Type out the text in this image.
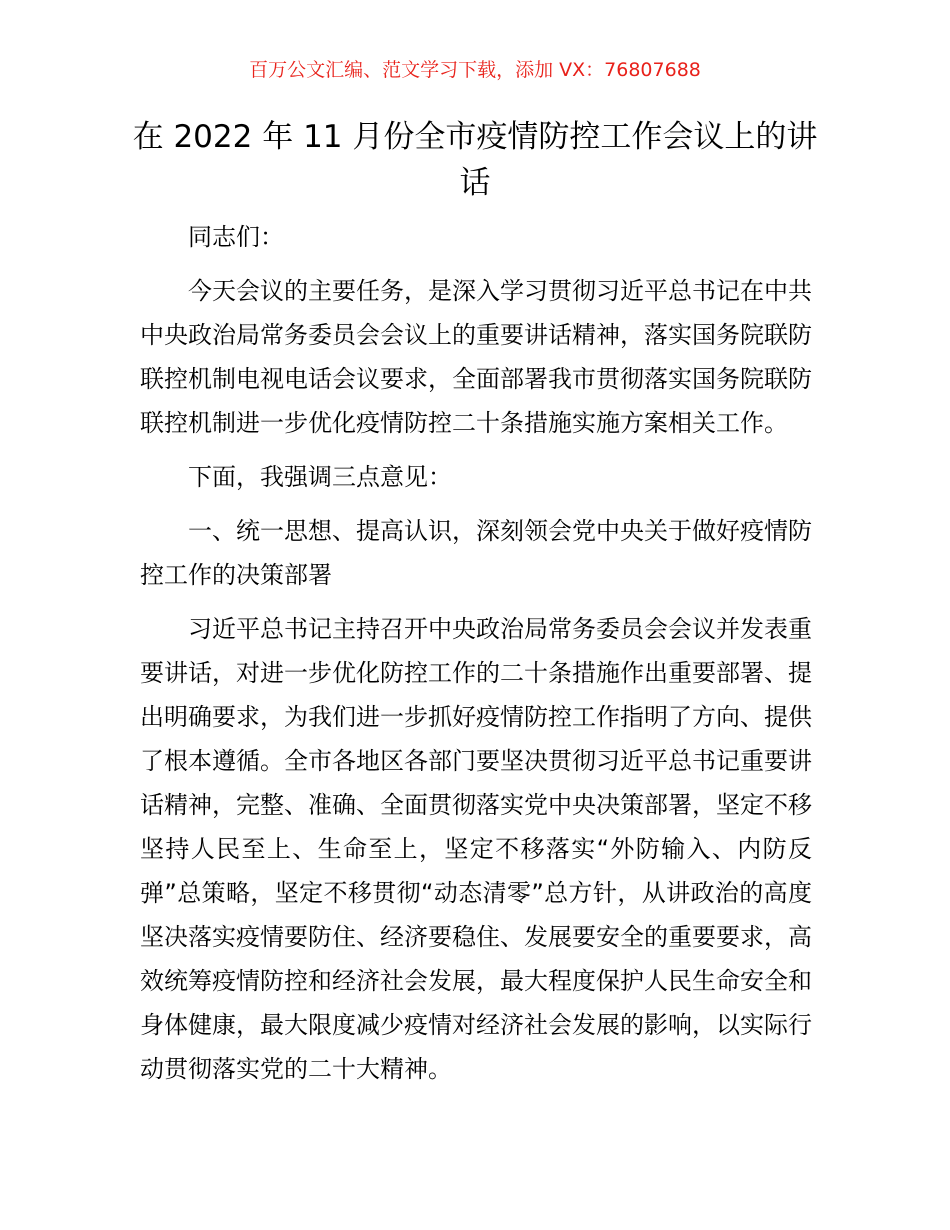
百万公文汇编、范文学习下载，添加 VX：76807688
在 2022 年 11 月份全市疫情防控工作会议上的讲话

同志们：

今天会议的主要任务，是深入学习贯彻习近平总书记在中共中央政治局常务委员会会议上的重要讲话精神，落实国务院联防联控机制电视电话会议要求，全面部署我市贯彻落实国务院联防联控机制进一步优化疫情防控二十条措施实施方案相关工作。

下面，我强调三点意见：

一、统一思想、提高认识，深刻领会党中央关于做好疫情防控工作的决策部署

习近平总书记主持召开中央政治局常务委员会会议并发表重要讲话，对进一步优化防控工作的二十条措施作出重要部署、提出明确要求，为我们进一步抓好疫情防控工作指明了方向、提供了根本遵循。全市各地区各部门要坚决贯彻习近平总书记重要讲话精神，完整、准确、全面贯彻落实党中央决策部署，坚定不移坚持人民至上、生命至上，坚定不移落实“外防输入、内防反弹”总策略，坚定不移贯彻“动态清零”总方针，从讲政治的高度坚决落实疫情要防住、经济要稳住、发展要安全的重要要求，高效统筹疫情防控和经济社会发展，最大程度保护人民生命安全和身体健康，最大限度减少疫情对经济社会发展的影响，以实际行动贯彻落实党的二十大精神。
